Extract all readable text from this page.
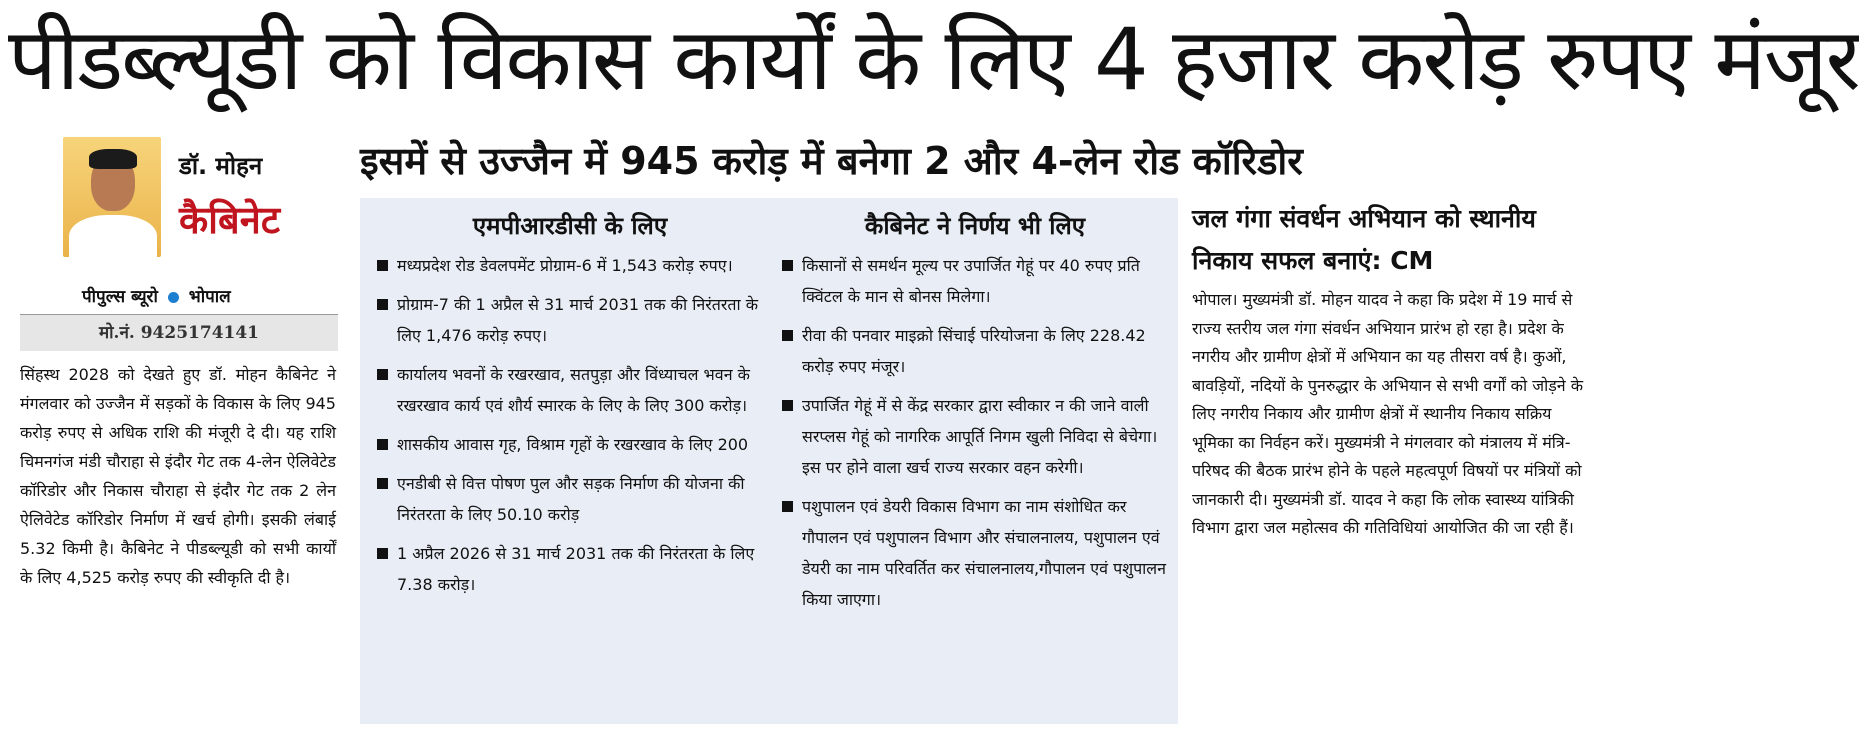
पीडब्ल्यूडी को विकास कार्यों के लिए 4 हजार करोड़ रुपए मंजूर
डॉ. मोहन
कैबिनेट
पीपुल्स ब्यूरो भोपाल
मो.नं. 9425174141

सिंहस्थ 2028 को देखते हुए डॉ. मोहन कैबिनेट ने मंगलवार को उज्जैन में सड़कों के विकास के लिए 945 करोड़ रुपए से अधिक राशि की मंजूरी दे दी। यह राशि चिमनगंज मंडी चौराहा से इंदौर गेट तक 4-लेन ऐलिवेटेड कॉरिडोर और निकास चौराहा से इंदौर गेट तक 2 लेन ऐलिवेटेड कॉरिडोर निर्माण में खर्च होगी। इसकी लंबाई 5.32 किमी है। कैबिनेट ने पीडब्ल्यूडी को सभी कार्यों के लिए 4,525 करोड़ रुपए की स्वीकृति दी है।

इसमें से उज्जैन में 945 करोड़ में बनेगा 2 और 4-लेन रोड कॉरिडोर
एमपीआरडीसी के लिए
मध्यप्रदेश रोड डेवलपमेंट प्रोग्राम-6 में 1,543 करोड़ रुपए।
प्रोग्राम-7 की 1 अप्रैल से 31 मार्च 2031 तक की निरंतरता के लिए 1,476 करोड़ रुपए।
कार्यालय भवनों के रखरखाव, सतपुड़ा और विंध्याचल भवन के रखरखाव कार्य एवं शौर्य स्मारक के लिए के लिए 300 करोड़।
शासकीय आवास गृह, विश्राम गृहों के रखरखाव के लिए 200
एनडीबी से वित्त पोषण पुल और सड़क निर्माण की योजना की निरंतरता के लिए 50.10 करोड़
1 अप्रैल 2026 से 31 मार्च 2031 तक की निरंतरता के लिए 7.38 करोड़।
कैबिनेट ने निर्णय भी लिए
किसानों से समर्थन मूल्य पर उपार्जित गेहूं पर 40 रुपए प्रति क्विंटल के मान से बोनस मिलेगा।
रीवा की पनवार माइक्रो सिंचाई परियोजना के लिए 228.42 करोड़ रुपए मंजूर।
उपार्जित गेहूं में से केंद्र सरकार द्वारा स्वीकार न की जाने वाली सरप्लस गेहूं को नागरिक आपूर्ति निगम खुली निविदा से बेचेगा। इस पर होने वाला खर्च राज्य सरकार वहन करेगी।
पशुपालन एवं डेयरी विकास विभाग का नाम संशोधित कर गौपालन एवं पशुपालन विभाग और संचालनालय, पशुपालन एवं डेयरी का नाम परिवर्तित कर संचालनालय,गौपालन एवं पशुपालन किया जाएगा।
जल गंगा संवर्धन अभियान को स्थानीय निकाय सफल बनाएं: CM

भोपाल। मुख्यमंत्री डॉ. मोहन यादव ने कहा कि प्रदेश में 19 मार्च से राज्य स्तरीय जल गंगा संवर्धन अभियान प्रारंभ हो रहा है। प्रदेश के नगरीय और ग्रामीण क्षेत्रों में अभियान का यह तीसरा वर्ष है। कुओं, बावड़ियों, नदियों के पुनरुद्धार के अभियान से सभी वर्गों को जोड़ने के लिए नगरीय निकाय और ग्रामीण क्षेत्रों में स्थानीय निकाय सक्रिय भूमिका का निर्वहन करें। मुख्यमंत्री ने मंगलवार को मंत्रालय में मंत्रि-परिषद की बैठक प्रारंभ होने के पहले महत्वपूर्ण विषयों पर मंत्रियों को जानकारी दी। मुख्यमंत्री डॉ. यादव ने कहा कि लोक स्वास्थ्य यांत्रिकी विभाग द्वारा जल महोत्सव की गतिविधियां आयोजित की जा रही हैं।
